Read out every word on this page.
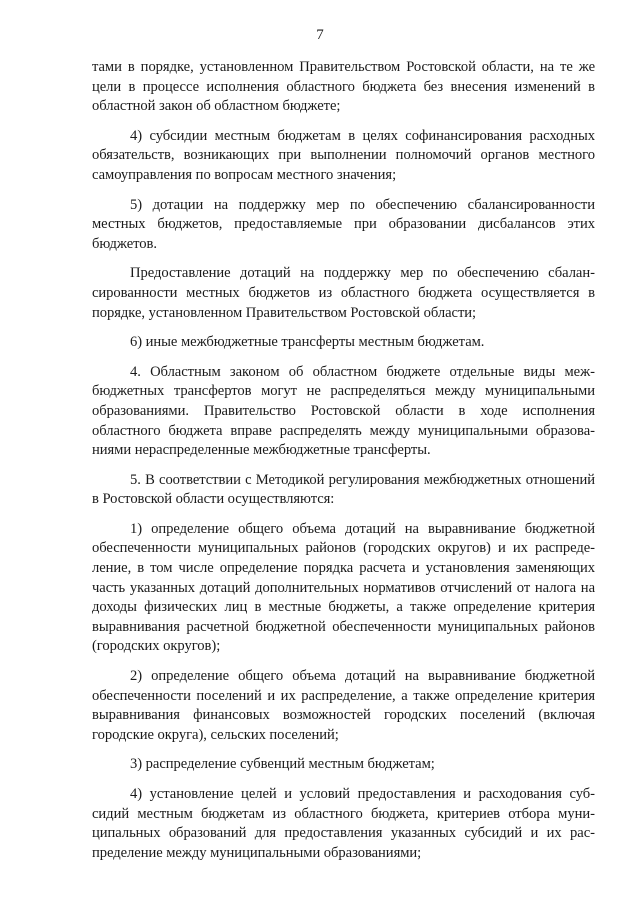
7

тами в порядке, установленном Правительством Ростовской области, на те же цели в процессе исполнения областного бюджета без внесения изменений в областной закон об областном бюджете;

4) субсидии местным бюджетам в целях софинансирования расходных обязательств, возникающих при выполнении полномочий органов местного самоуправления по вопросам местного значения;

5) дотации на поддержку мер по обеспечению сбалансированности местных бюджетов, предоставляемые при образовании дисбалансов этих бюджетов.

Предоставление дотаций на поддержку мер по обеспечению сбалансированности местных бюджетов из областного бюджета осуществляется в порядке, установленном Правительством Ростовской области;

6) иные межбюджетные трансферты местным бюджетам.

4. Областным законом об областном бюджете отдельные виды межбюджетных трансфертов могут не распределяться между муниципальными образованиями. Правительство Ростовской области в ходе исполнения областного бюджета вправе распределять между муниципальными образованиями нераспределенные межбюджетные трансферты.

5. В соответствии с Методикой регулирования межбюджетных отношений в Ростовской области осуществляются:

1) определение общего объема дотаций на выравнивание бюджетной обеспеченности муниципальных районов (городских округов) и их распределение, в том числе определение порядка расчета и установления заменяющих часть указанных дотаций дополнительных нормативов отчислений от налога на доходы физических лиц в местные бюджеты, а также определение критерия выравнивания расчетной бюджетной обеспеченности муниципальных районов (городских округов);

2) определение общего объема дотаций на выравнивание бюджетной обеспеченности поселений и их распределение, а также определение критерия выравнивания финансовых возможностей городских поселений (включая городские округа), сельских поселений;

3) распределение субвенций местным бюджетам;

4) установление целей и условий предоставления и расходования субсидий местным бюджетам из областного бюджета, критериев отбора муниципальных образований для предоставления указанных субсидий и их распределение между муниципальными образованиями;
